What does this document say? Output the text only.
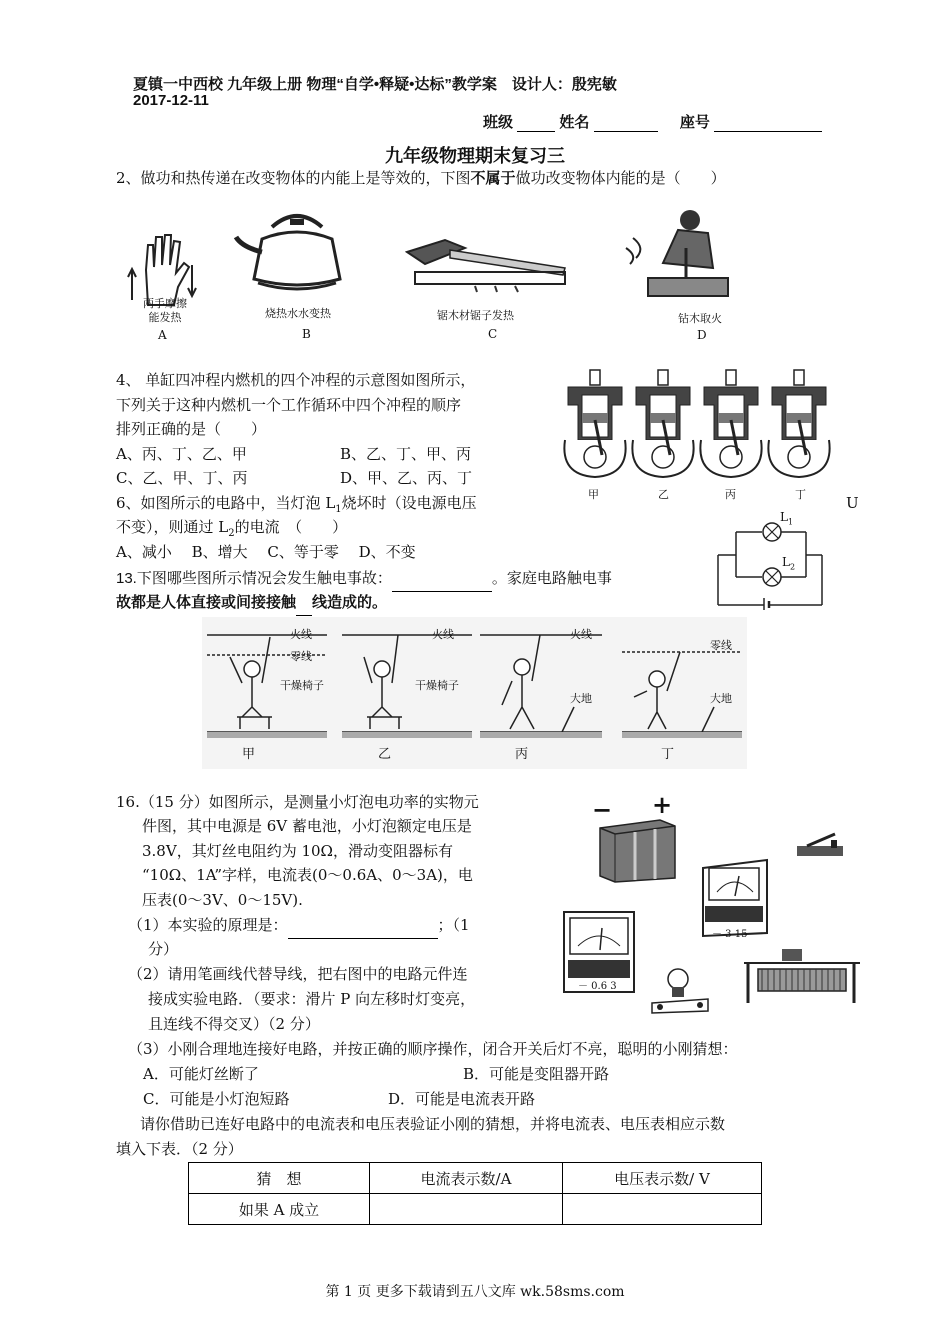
夏镇一中西校 九年级上册 物理“自学•释疑•达标”教学案　设计人：殷宪敏
2017-12-11
班级	姓名	座号
九年级物理期末复习三
2、做功和热传递在改变物体的内能上是等效的，下图不属于做功改变物体内能的是（　　）
两手摩擦
能发热
A
烧热水水变热
B
锯木材锯子发热
C
钻木取火
D
4、 单缸四冲程内燃机的四个冲程的示意图如图所示，
下列关于这种内燃机一个工作循环中四个冲程的顺序
排列正确的是（　　）
A、丙、丁、乙、甲	B、乙、丁、甲、丙
C、乙、甲、丁、丙	D、甲、乙、丙、丁
甲	乙	丙	丁
6、如图所示的电路中，当灯泡 $L_1$烧坏时（设电源电压
不变），则通过 $L_2$的电流　（　　）
A、减小　 B、增大　 C、等于零　 D、不变
U
$L_1$
$L_2$
13.下图哪些图所示情况会发生触电事故：	。家庭电路触电事
故都是人体直接或间接接触 线造成的。
火线
零线
干燥椅子
火线
干燥椅子
火线
大地
零线
大地
甲	乙	丙	丁
16.（15 分）如图所示，是测量小灯泡电功率的实物元
件图，其中电源是 6V 蓄电池，小灯泡额定电压是
3.8V，其灯丝电阻约为 10Ω，滑动变阻器标有
“10Ω、1A”字样，电流表(0～0.6A、0～3A)，电
压表(0～3V、0～15V).
（1）本实验的原理是：	；（1
分）
（2）请用笔画线代替导线，把右图中的电路元件连
接成实验电路．（要求：滑片 P 向左移时灯变亮，
且连线不得交叉）（2 分）
（3）小刚合理地连接好电路，并按正确的顺序操作，闭合开关后灯不亮，聪明的小刚猜想：
A．可能灯丝断了	B．可能是变阻器开路
C．可能是小灯泡短路	D．可能是电流表开路
请你借助已连好电路中的电流表和电压表验证小刚的猜想，并将电流表、电压表相应示数
填入下表．（2 分）
− +
－ 3 15
－ 0.6 3
猜　想	电流表示数/A	电压表示数/ V
如果 A 成立		
第 1 页 更多下载请到五八文库 wk.58sms.com
